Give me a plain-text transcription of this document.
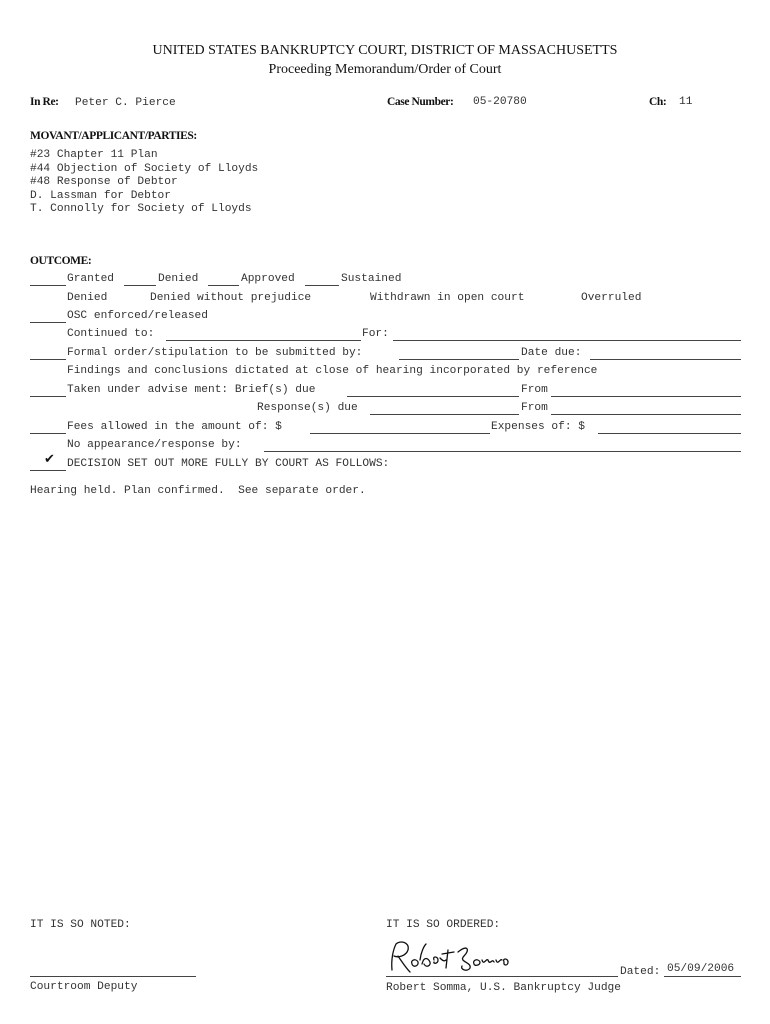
UNITED STATES BANKRUPTCY COURT, DISTRICT OF MASSACHUSETTS
Proceeding Memorandum/Order of Court
In Re: Peter C. Pierce	Case Number: 05-20780	Ch: 11
MOVANT/APPLICANT/PARTIES:
#23 Chapter 11 Plan
#44 Objection of Society of Lloyds
#48 Response of Debtor
D. Lassman for Debtor
T. Connolly for Society of Lloyds
OUTCOME:
Granted	Denied	Approved	Sustained
Denied	Denied without prejudice	Withdrawn in open court	Overruled
OSC enforced/released
Continued to:	For:
Formal order/stipulation to be submitted by:	Date due:
Findings and conclusions dictated at close of hearing incorporated by reference
Taken under advise ment: Brief(s) due	From
Response(s) due	From
Fees allowed in the amount of: $	Expenses of: $
No appearance/response by:
✔ DECISION SET OUT MORE FULLY BY COURT AS FOLLOWS:
Hearing held. Plan confirmed.  See separate order.
IT IS SO NOTED:	IT IS SO ORDERED:
Courtroom Deputy
Dated: 05/09/2006
Robert Somma, U.S. Bankruptcy Judge
